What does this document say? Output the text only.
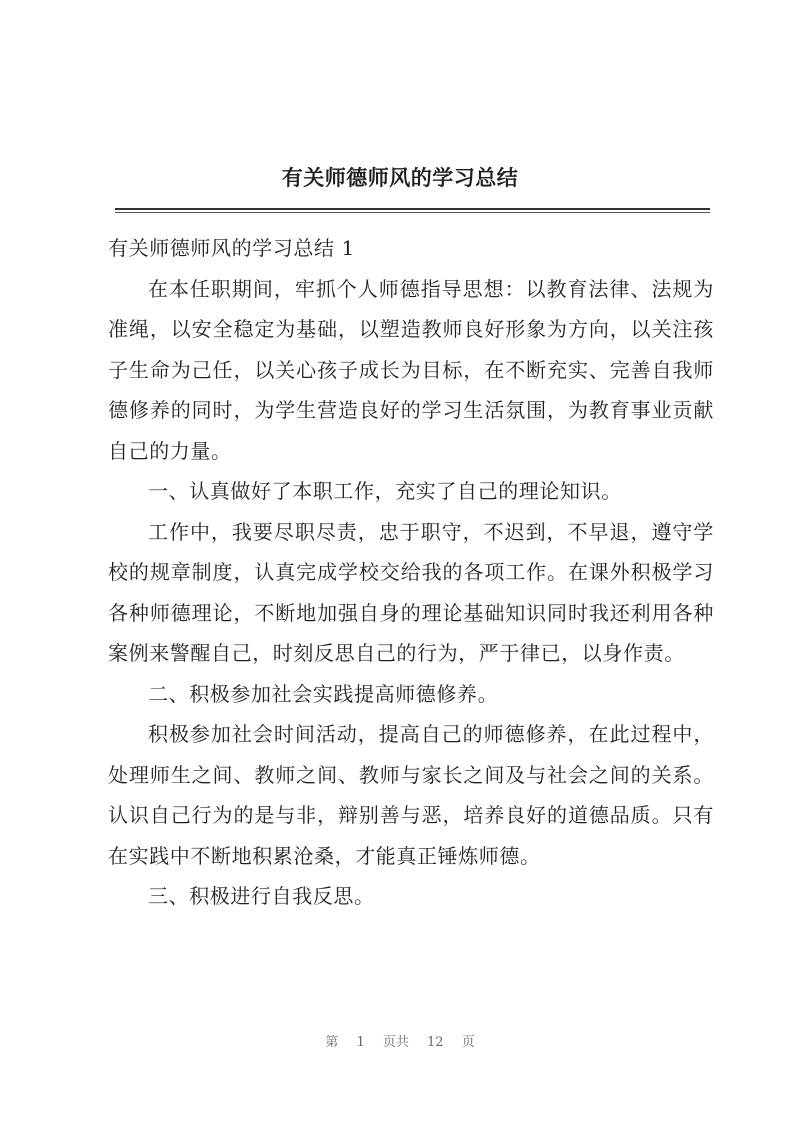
有关师德师风的学习总结

有关师德师风的学习总结 1

在本任职期间，牢抓个人师德指导思想：以教育法律、法规为准绳，以安全稳定为基础，以塑造教师良好形象为方向，以关注孩子生命为己任，以关心孩子成长为目标，在不断充实、完善自我师德修养的同时，为学生营造良好的学习生活氛围，为教育事业贡献自己的力量。

一、认真做好了本职工作，充实了自己的理论知识。

工作中，我要尽职尽责，忠于职守，不迟到，不早退，遵守学校的规章制度，认真完成学校交给我的各项工作。在课外积极学习各种师德理论，不断地加强自身的理论基础知识同时我还利用各种案例来警醒自己，时刻反思自己的行为，严于律已，以身作责。

二、积极参加社会实践提高师德修养。

积极参加社会时间活动，提高自己的师德修养，在此过程中，处理师生之间、教师之间、教师与家长之间及与社会之间的关系。认识自己行为的是与非，辩别善与恶，培养良好的道德品质。只有在实践中不断地积累沧桑，才能真正锤炼师德。

三、积极进行自我反思。

第 1 页共 12 页
